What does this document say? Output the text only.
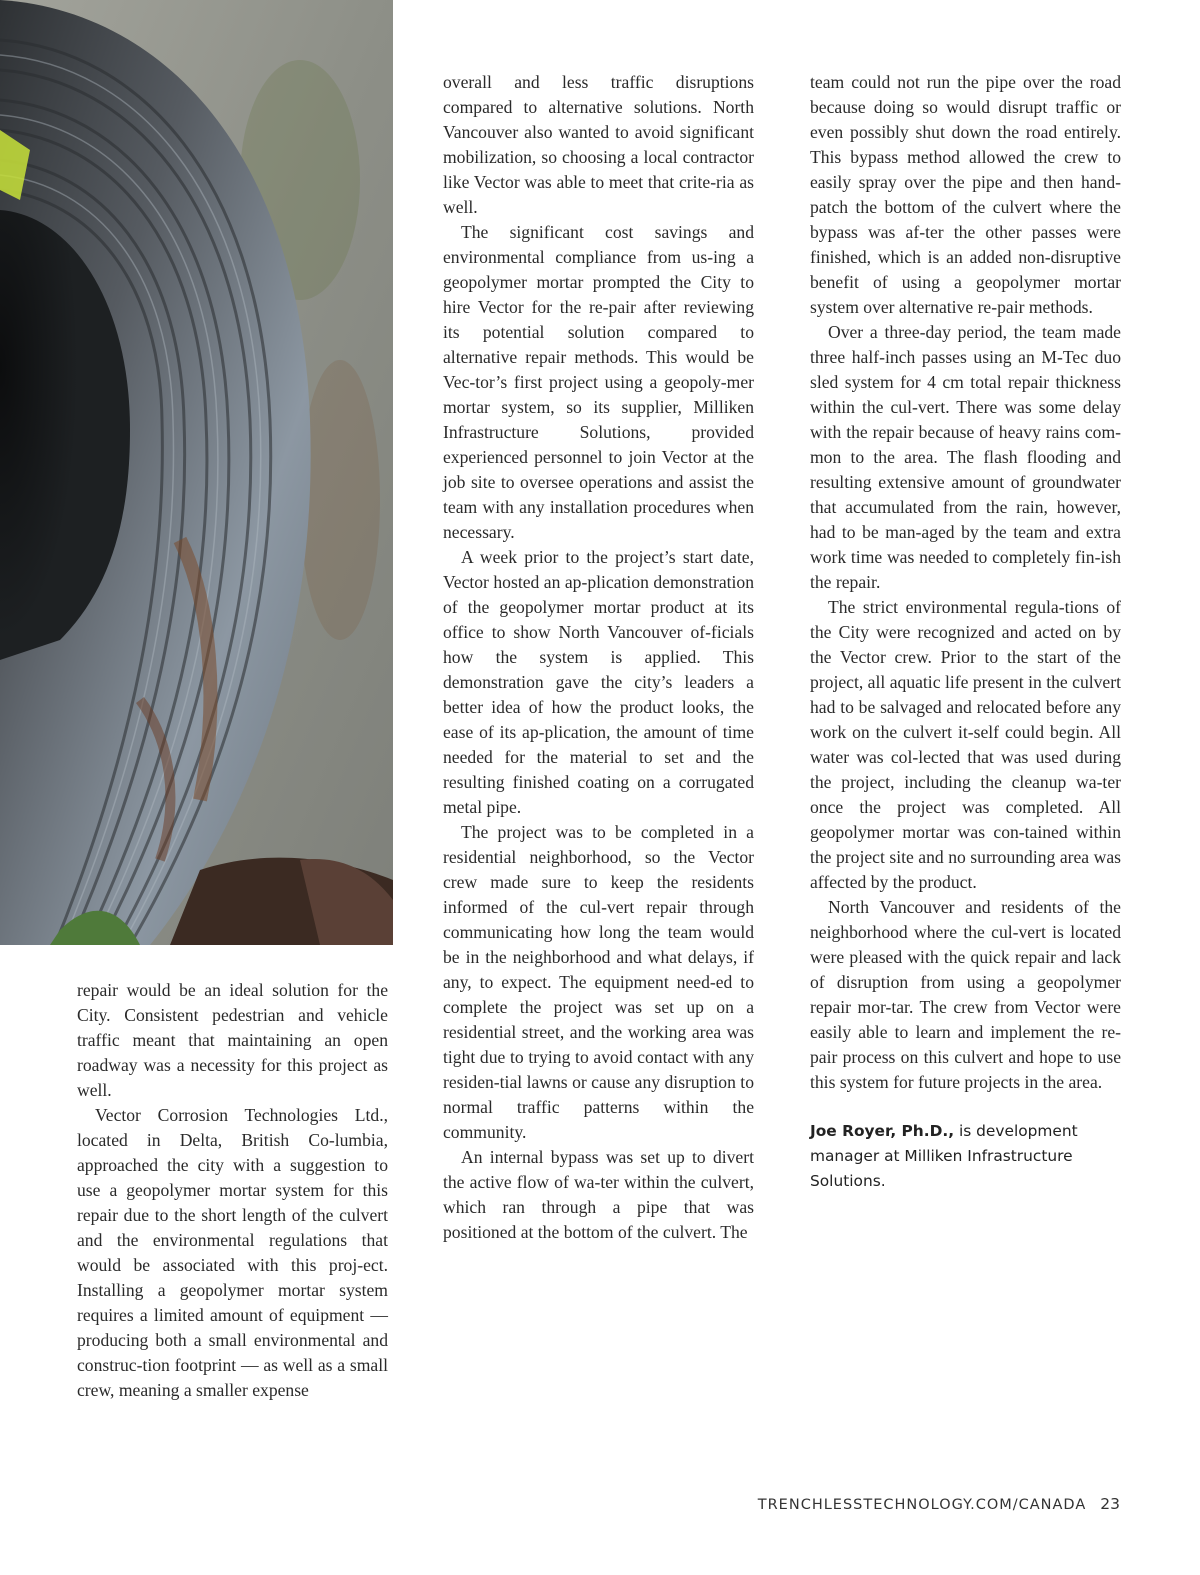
repair would be an ideal solution for the City. Consistent pedestrian and vehicle traffic meant that maintaining an open roadway was a necessity for this project as well.

Vector Corrosion Technologies Ltd., located in Delta, British Co-lumbia, approached the city with a suggestion to use a geopolymer mortar system for this repair due to the short length of the culvert and the environmental regulations that would be associated with this proj-ect. Installing a geopolymer mortar system requires a limited amount of equipment — producing both a small environmental and construc-tion footprint — as well as a small crew, meaning a smaller expense

overall and less traffic disruptions compared to alternative solutions. North Vancouver also wanted to avoid significant mobilization, so choosing a local contractor like Vector was able to meet that crite-ria as well.

The significant cost savings and environmental compliance from us-ing a geopolymer mortar prompted the City to hire Vector for the re-pair after reviewing its potential solution compared to alternative repair methods. This would be Vec-tor’s first project using a geopoly-mer mortar system, so its supplier, Milliken Infrastructure Solutions, provided experienced personnel to join Vector at the job site to oversee operations and assist the team with any installation procedures when necessary.

A week prior to the project’s start date, Vector hosted an ap-plication demonstration of the geopolymer mortar product at its office to show North Vancouver of-ficials how the system is applied. This demonstration gave the city’s leaders a better idea of how the product looks, the ease of its ap-plication, the amount of time needed for the material to set and the resulting finished coating on a corrugated metal pipe.

The project was to be completed in a residential neighborhood, so the Vector crew made sure to keep the residents informed of the cul-vert repair through communicating how long the team would be in the neighborhood and what delays, if any, to expect. The equipment need-ed to complete the project was set up on a residential street, and the working area was tight due to trying to avoid contact with any residen-tial lawns or cause any disruption to normal traffic patterns within the community.

An internal bypass was set up to divert the active flow of wa-ter within the culvert, which ran through a pipe that was positioned at the bottom of the culvert. The

team could not run the pipe over the road because doing so would disrupt traffic or even possibly shut down the road entirely. This bypass method allowed the crew to easily spray over the pipe and then hand-patch the bottom of the culvert where the bypass was af-ter the other passes were finished, which is an added non-disruptive benefit of using a geopolymer mortar system over alternative re-pair methods.

Over a three-day period, the team made three half-inch passes using an M-Tec duo sled system for 4 cm total repair thickness within the cul-vert. There was some delay with the repair because of heavy rains com-mon to the area. The flash flooding and resulting extensive amount of groundwater that accumulated from the rain, however, had to be man-aged by the team and extra work time was needed to completely fin-ish the repair.

The strict environmental regula-tions of the City were recognized and acted on by the Vector crew. Prior to the start of the project, all aquatic life present in the culvert had to be salvaged and relocated before any work on the culvert it-self could begin. All water was col-lected that was used during the project, including the cleanup wa-ter once the project was completed. All geopolymer mortar was con-tained within the project site and no surrounding area was affected by the product.

North Vancouver and residents of the neighborhood where the cul-vert is located were pleased with the quick repair and lack of disruption from using a geopolymer repair mor-tar. The crew from Vector were easily able to learn and implement the re-pair process on this culvert and hope to use this system for future projects in the area.

Joe Royer, Ph.D., is development manager at Milliken Infrastructure Solutions.
TRENCHLESSTECHNOLOGY.COM/CANADA 23
